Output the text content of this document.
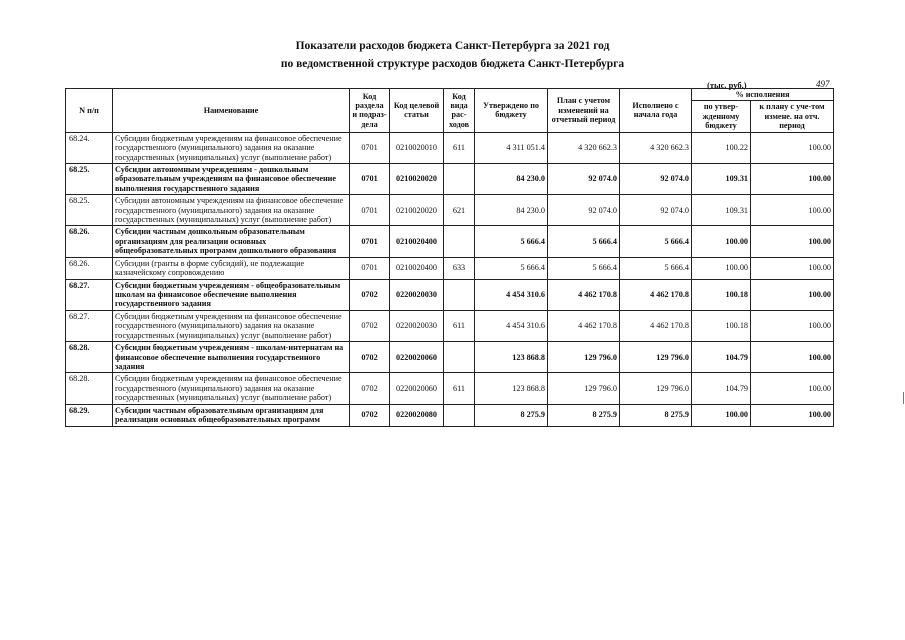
Показатели расходов бюджета Санкт-Петербурга за 2021 год
по ведомственной структуре расходов бюджета Санкт-Петербурга
(тыс. руб.)	497
N п/п	Наименование	Код раздела и подраз-дела	Код целевой статьи	Код вида рас-ходов	Утверждено по бюджету	План с учетом изменений на отчетный период	Исполнено с начала года	% исполнения	
								по утвер-жденному бюджету	к плану с уче-том измене. на отч. период
68.24.	Субсидии бюджетным учреждениям на финансовое обеспечение государственного (муниципального) задания на оказание государственных (муниципальных) услуг (выполнение работ)	0701	0210020010	611	4 311 051.4	4 320 662.3	4 320 662.3	100.22	100.00
68.25.	Субсидии автономным учреждениям - дошкольным образовательным учреждениям на финансовое обеспечение выполнения государственного задания	0701	0210020020		84 230.0	92 074.0	92 074.0	109.31	100.00
68.25.	Субсидии автономным учреждениям на финансовое обеспечение государственного (муниципального) задания на оказание государственных (муниципальных) услуг (выполнение работ)	0701	0210020020	621	84 230.0	92 074.0	92 074.0	109.31	100.00
68.26.	Субсидии частным дошкольным образовательным организациям для реализации основных общеобразовательных программ дошкольного образования	0701	0210020400		5 666.4	5 666.4	5 666.4	100.00	100.00
68.26.	Субсидии (гранты в форме субсидий), не подлежащие казначейскому сопровождению	0701	0210020400	633	5 666.4	5 666.4	5 666.4	100.00	100.00
68.27.	Субсидии бюджетным учреждениям - общеобразовательным школам на финансовое обеспечение выполнения государственного задания	0702	0220020030		4 454 310.6	4 462 170.8	4 462 170.8	100.18	100.00
68.27.	Субсидии бюджетным учреждениям на финансовое обеспечение государственного (муниципального) задания на оказание государственных (муниципальных) услуг (выполнение работ)	0702	0220020030	611	4 454 310.6	4 462 170.8	4 462 170.8	100.18	100.00
68.28.	Субсидии бюджетным учреждениям - школам-интернатам на финансовое обеспечение выполнения государственного задания	0702	0220020060		123 868.8	129 796.0	129 796.0	104.79	100.00
68.28.	Субсидии бюджетным учреждениям на финансовое обеспечение государственного (муниципального) задания на оказание государственных (муниципальных) услуг (выполнение работ)	0702	0220020060	611	123 868.8	129 796.0	129 796.0	104.79	100.00
68.29.	Субсидии частным образовательным организациям для реализации основных общеобразовательных программ	0702	0220020080		8 275.9	8 275.9	8 275.9	100.00	100.00
